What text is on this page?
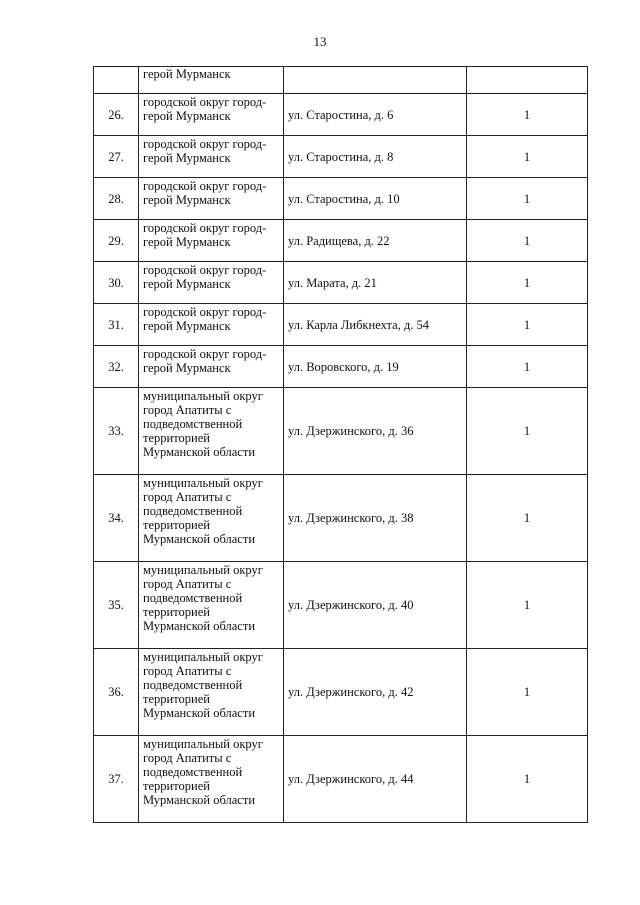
13
	герой Мурманск		
26.	городской округ город-
герой Мурманск	ул. Старостина, д. 6	1
27.	городской округ город-
герой Мурманск	ул. Старостина, д. 8	1
28.	городской округ город-
герой Мурманск	ул. Старостина, д. 10	1
29.	городской округ город-
герой Мурманск	ул. Радищева, д. 22	1
30.	городской округ город-
герой Мурманск	ул. Марата, д. 21	1
31.	городской округ город-
герой Мурманск	ул. Карла Либкнехта, д. 54	1
32.	городской округ город-
герой Мурманск	ул. Воровского, д. 19	1
33.	муниципальный округ
город Апатиты с
подведомственной
территорией
Мурманской области	ул. Дзержинского, д. 36	1
34.	муниципальный округ
город Апатиты с
подведомственной
территорией
Мурманской области	ул. Дзержинского, д. 38	1
35.	муниципальный округ
город Апатиты с
подведомственной
территорией
Мурманской области	ул. Дзержинского, д. 40	1
36.	муниципальный округ
город Апатиты с
подведомственной
территорией
Мурманской области	ул. Дзержинского, д. 42	1
37.	муниципальный округ
город Апатиты с
подведомственной
территорией
Мурманской области	ул. Дзержинского, д. 44	1
